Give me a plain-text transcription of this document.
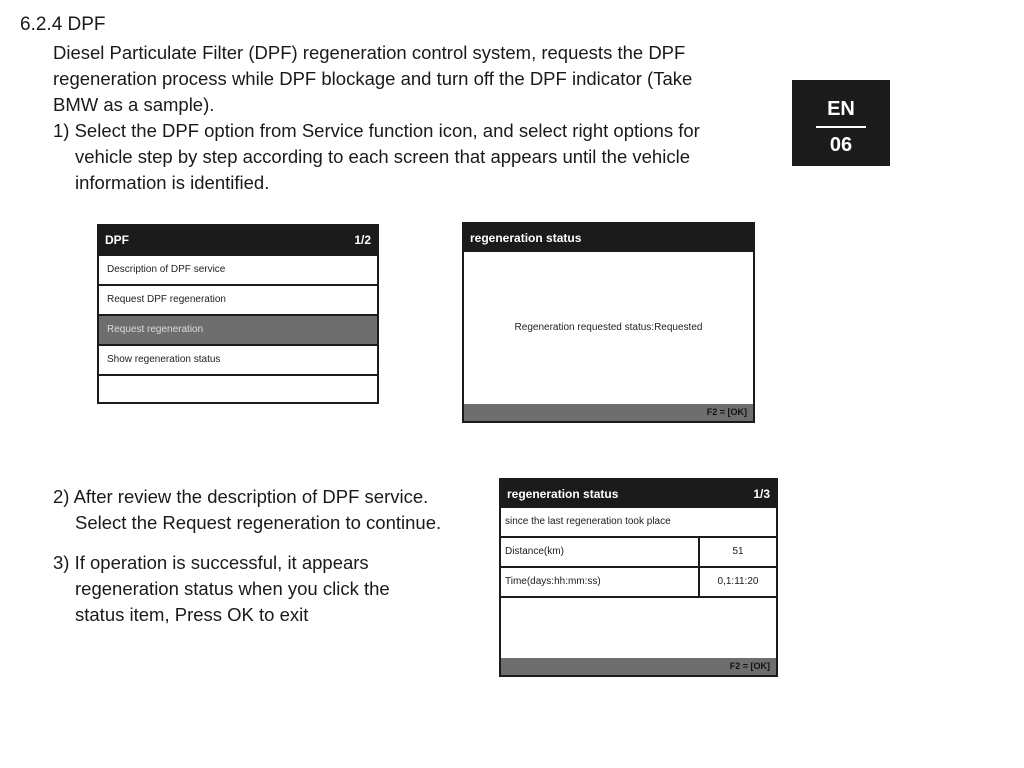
6.2.4 DPF
Diesel Particulate Filter (DPF) regeneration control system, requests the DPF
regeneration process while DPF blockage and turn off the DPF indicator (Take
BMW as a sample).
1) Select the DPF option from Service function icon, and select right options for
vehicle step by step according to each screen that appears until the vehicle
information is identified.
EN
06
DPF	1/2
Description of DPF service
Request DPF regeneration
Request regeneration
Show regeneration status
regeneration status
Regeneration requested status:Requested
F2 = [OK]
2) After review the description of DPF service.
Select the Request regeneration to continue.
3) If operation is successful, it appears
regeneration status when you click the
status item, Press OK to exit
regeneration status	1/3
since the last regeneration took place
Distance(km)	51
Time(days:hh:mm:ss)	0,1:11:20
F2 = [OK]
